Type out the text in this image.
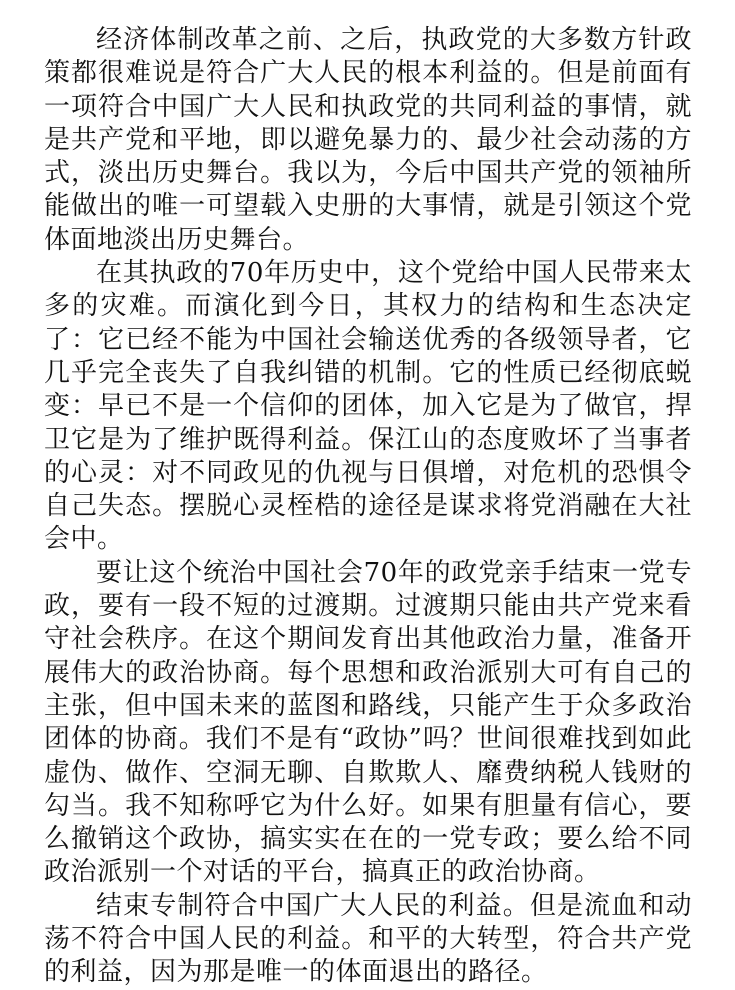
经济体制改革之前、之后，执政党的大多数方针政策都很难说是符合广大人民的根本利益的。但是前面有一项符合中国广大人民和执政党的共同利益的事情，就是共产党和平地，即以避免暴力的、最少社会动荡的方式，淡出历史舞台。我以为，今后中国共产党的领袖所能做出的唯一可望载入史册的大事情，就是引领这个党体面地淡出历史舞台。

在其执政的70年历史中，这个党给中国人民带来太多的灾难。而演化到今日，其权力的结构和生态决定了：它已经不能为中国社会输送优秀的各级领导者，它几乎完全丧失了自我纠错的机制。它的性质已经彻底蜕变：早已不是一个信仰的团体，加入它是为了做官，捍卫它是为了维护既得利益。保江山的态度败坏了当事者的心灵：对不同政见的仇视与日俱增，对危机的恐惧令自己失态。摆脱心灵桎梏的途径是谋求将党消融在大社会中。

要让这个统治中国社会70年的政党亲手结束一党专政，要有一段不短的过渡期。过渡期只能由共产党来看守社会秩序。在这个期间发育出其他政治力量，准备开展伟大的政治协商。每个思想和政治派别大可有自己的主张，但中国未来的蓝图和路线，只能产生于众多政治团体的协商。我们不是有“政协”吗？世间很难找到如此虚伪、做作、空洞无聊、自欺欺人、靡费纳税人钱财的勾当。我不知称呼它为什么好。如果有胆量有信心，要么撤销这个政协，搞实实在在的一党专政；要么给不同政治派别一个对话的平台，搞真正的政治协商。

结束专制符合中国广大人民的利益。但是流血和动荡不符合中国人民的利益。和平的大转型，符合共产党的利益，因为那是唯一的体面退出的路径。
